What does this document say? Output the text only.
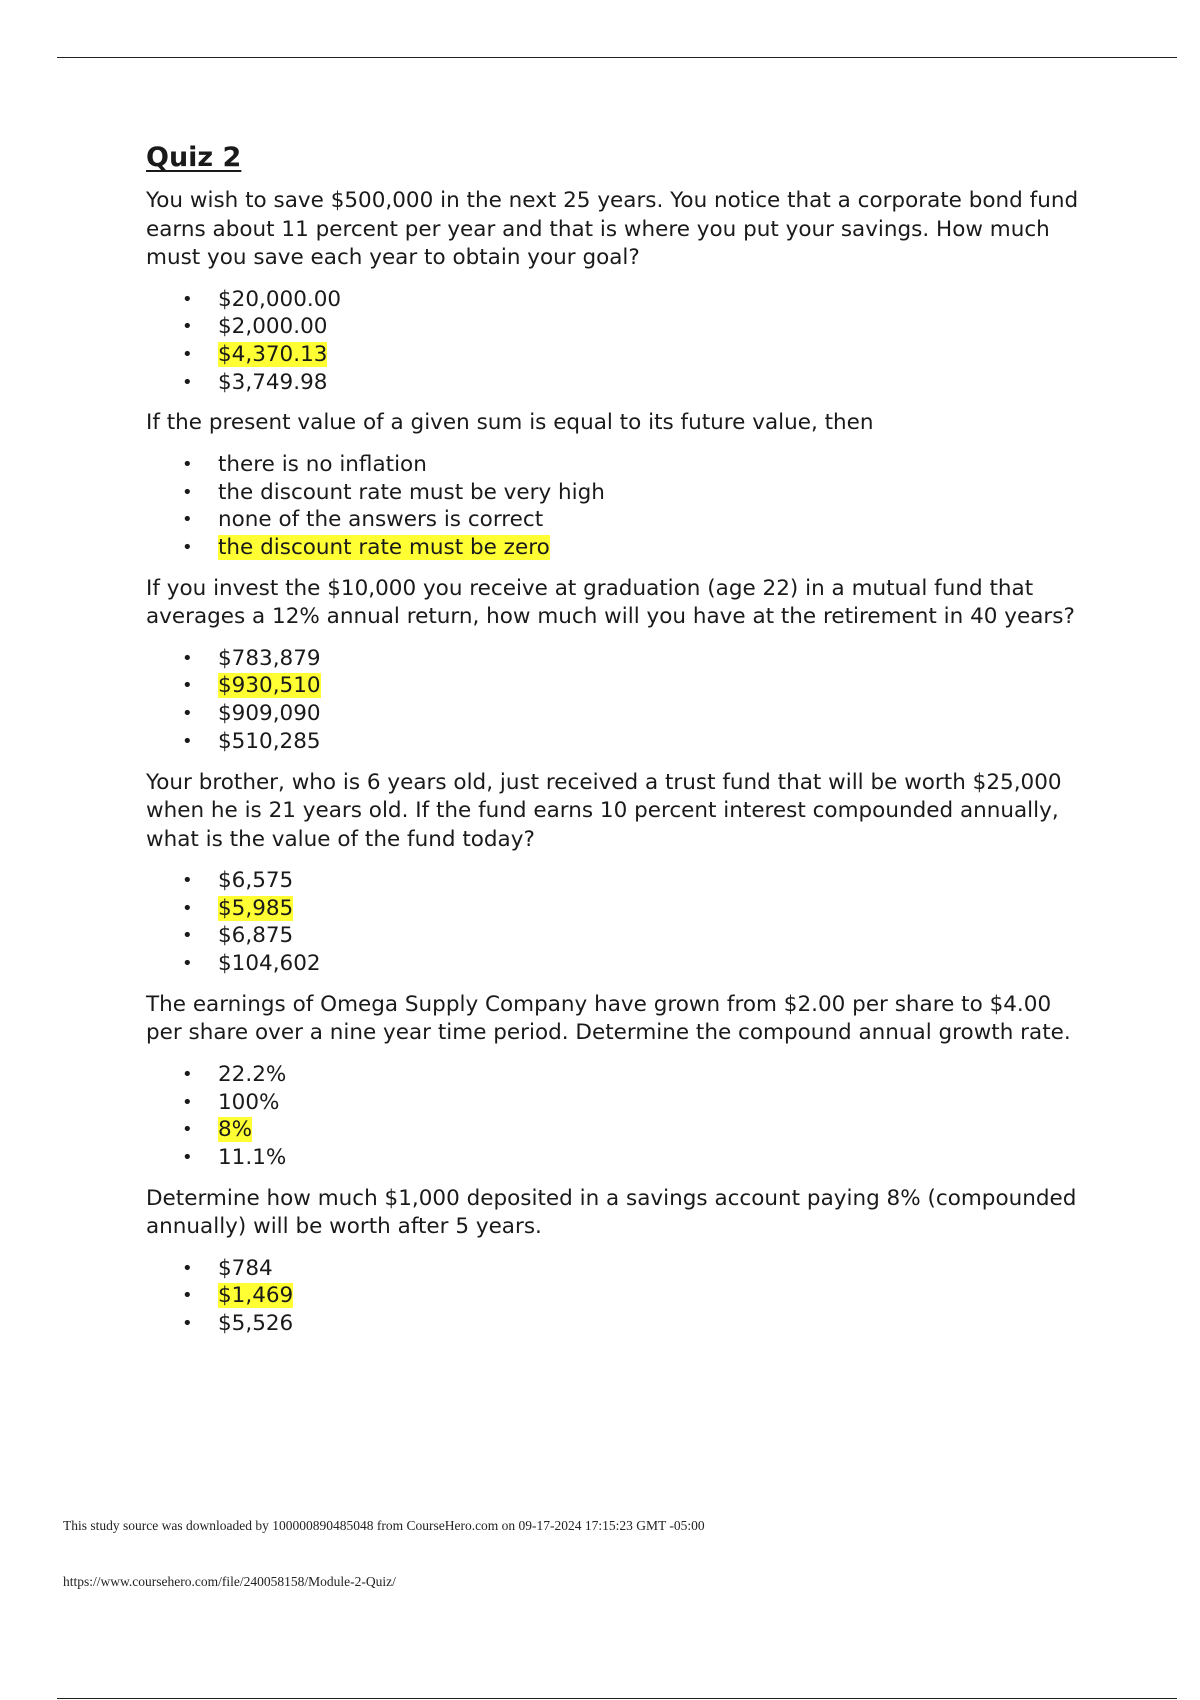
Quiz 2

You wish to save $500,000 in the next 25 years. You notice that a corporate bond fund earns about 11 percent per year and that is where you put your savings. How much must you save each year to obtain your goal?

• $20,000.00
• $2,000.00
• $4,370.13
• $3,749.98

If the present value of a given sum is equal to its future value, then

• there is no inflation
• the discount rate must be very high
• none of the answers is correct
• the discount rate must be zero

If you invest the $10,000 you receive at graduation (age 22) in a mutual fund that averages a 12% annual return, how much will you have at the retirement in 40 years?

• $783,879
• $930,510
• $909,090
• $510,285

Your brother, who is 6 years old, just received a trust fund that will be worth $25,000 when he is 21 years old. If the fund earns 10 percent interest compounded annually, what is the value of the fund today?

• $6,575
• $5,985
• $6,875
• $104,602

The earnings of Omega Supply Company have grown from $2.00 per share to $4.00 per share over a nine year time period. Determine the compound annual growth rate.

• 22.2%
• 100%
• 8%
• 11.1%

Determine how much $1,000 deposited in a savings account paying 8% (compounded annually) will be worth after 5 years.

• $784
• $1,469
• $5,526
This study source was downloaded by 100000890485048 from CourseHero.com on 09-17-2024 17:15:23 GMT -05:00
https://www.coursehero.com/file/240058158/Module-2-Quiz/
